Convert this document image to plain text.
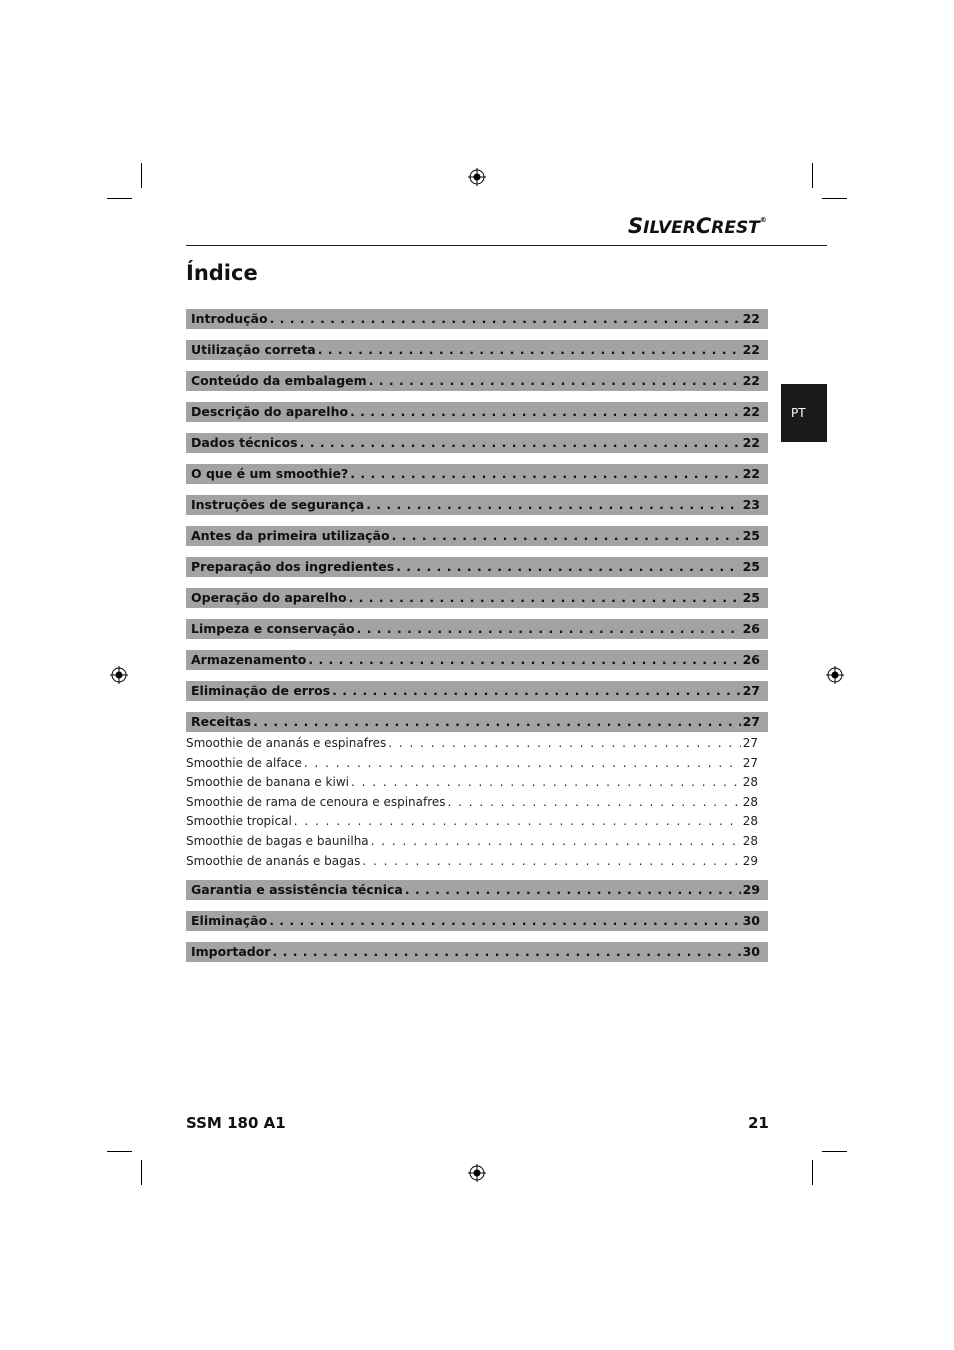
SILVERCREST®
Índice
PT
Introdução . . .	22
Utilização correta . . .	22
Conteúdo da embalagem . . .	22
Descrição do aparelho . . .	22
Dados técnicos . . .	22
O que é um smoothie? . . .	22
Instruções de segurança . . .	23
Antes da primeira utilização . . .	25
Preparação dos ingredientes . . .	25
Operação do aparelho . . .	25
Limpeza e conservação . . .	26
Armazenamento . . .	26
Eliminação de erros . . .	27
Receitas . . .	27
Smoothie de ananás e espinafres . . .	27
Smoothie de alface . . .	27
Smoothie de banana e kiwi . . .	28
Smoothie de rama de cenoura e espinafres . . .	28
Smoothie tropical . . .	28
Smoothie de bagas e baunilha . . .	28
Smoothie de ananás e bagas . . .	29
Garantia e assistência técnica . . .	29
Eliminação . . .	30
Importador . . .	30
SSM 180 A1	21
